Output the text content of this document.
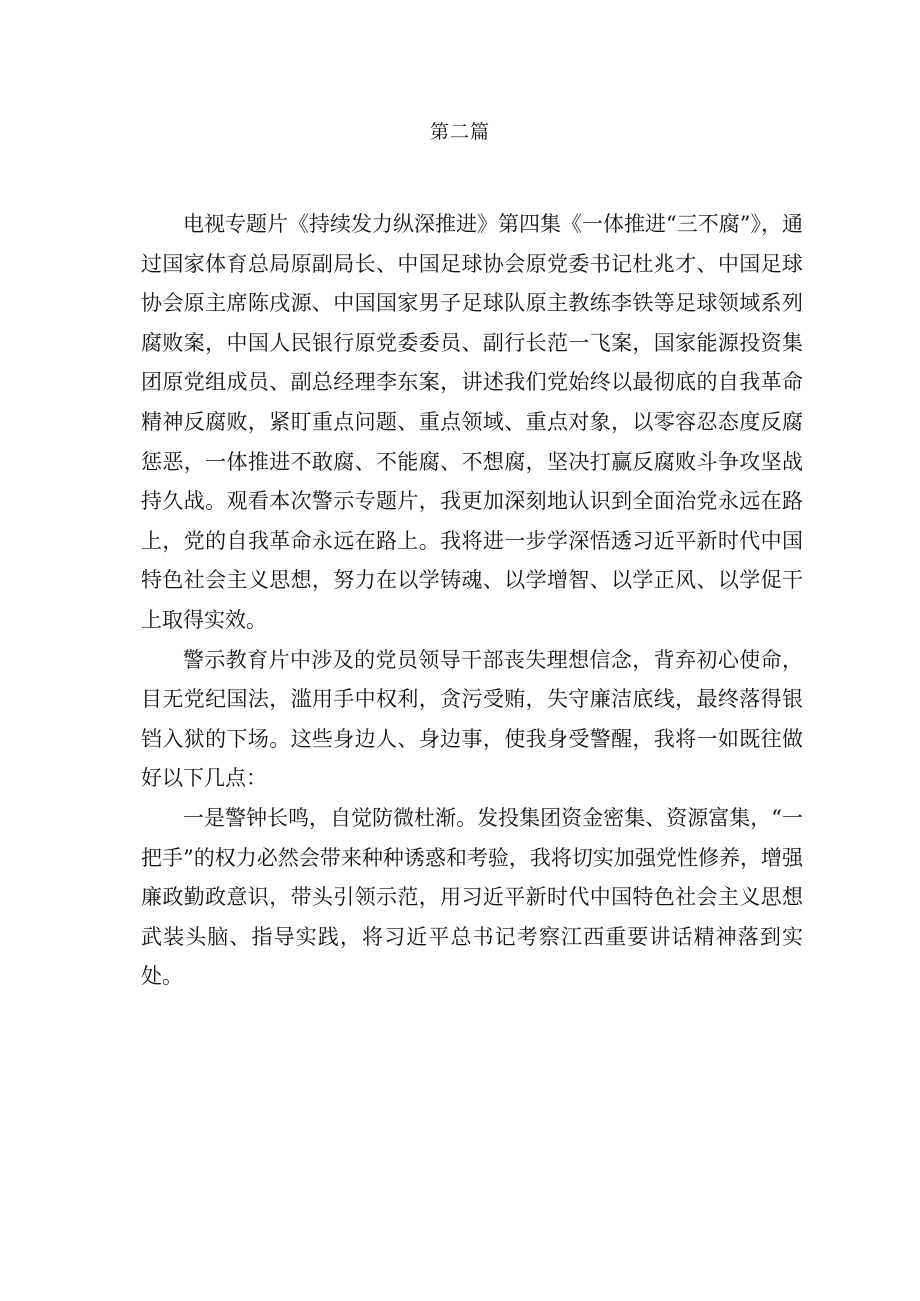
第二篇

电视专题片《持续发力纵深推进》第四集《一体推进“三不腐”》，通过国家体育总局原副局长、中国足球协会原党委书记杜兆才、中国足球协会原主席陈戌源、中国国家男子足球队原主教练李铁等足球领域系列腐败案，中国人民银行原党委委员、副行长范一飞案，国家能源投资集团原党组成员、副总经理李东案，讲述我们党始终以最彻底的自我革命精神反腐败，紧盯重点问题、重点领域、重点对象，以零容忍态度反腐惩恶，一体推进不敢腐、不能腐、不想腐，坚决打赢反腐败斗争攻坚战持久战。观看本次警示专题片，我更加深刻地认识到全面治党永远在路上，党的自我革命永远在路上。我将进一步学深悟透习近平新时代中国特色社会主义思想，努力在以学铸魂、以学增智、以学正风、以学促干上取得实效。

警示教育片中涉及的党员领导干部丧失理想信念，背弃初心使命，目无党纪国法，滥用手中权利，贪污受贿，失守廉洁底线，最终落得银铛入狱的下场。这些身边人、身边事，使我身受警醒，我将一如既往做好以下几点：

一是警钟长鸣，自觉防微杜渐。发投集团资金密集、资源富集，“一把手”的权力必然会带来种种诱惑和考验，我将切实加强党性修养，增强廉政勤政意识，带头引领示范，用习近平新时代中国特色社会主义思想武装头脑、指导实践，将习近平总书记考察江西重要讲话精神落到实处。
